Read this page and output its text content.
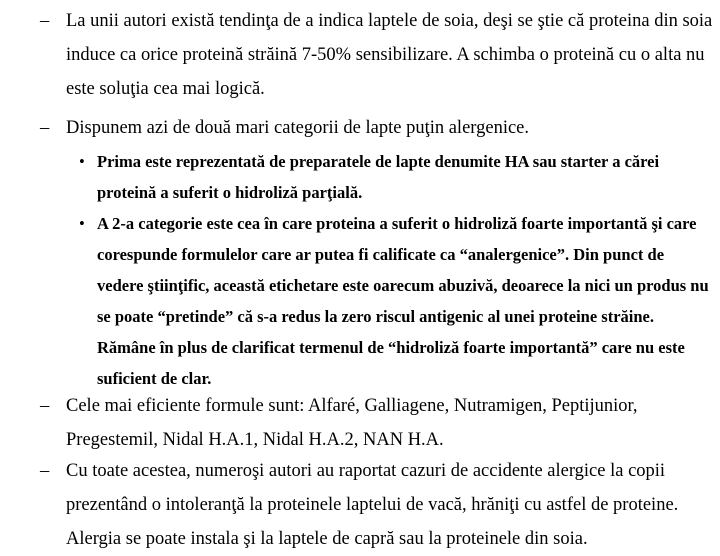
– La unii autori există tendinţa de a indica laptele de soia, deşi se ştie că proteina din soia induce ca orice proteină străină 7-50% sensibilizare. A schimba o proteină cu o alta nu este soluţia cea mai logică.
– Dispunem azi de două mari categorii de lapte puţin alergenice.
• Prima este reprezentată de preparatele de lapte denumite HA sau starter a cărei proteină a suferit o hidroliză parţială.
• A 2-a categorie este cea în care proteina a suferit o hidroliză foarte importantă şi care corespunde formulelor care ar putea fi calificate ca “analergenice”. Din punct de vedere ştiinţific, această etichetare este oarecum abuzivă, deoarece la nici un produs nu se poate “pretinde” că s-a redus la zero riscul antigenic al unei proteine străine. Rămâne în plus de clarificat termenul de “hidroliză foarte importantă” care nu este suficient de clar.
– Cele mai eficiente formule sunt: Alfaré, Galliagene, Nutramigen, Peptijunior, Pregestemil, Nidal H.A.1, Nidal H.A.2, NAN H.A.
– Cu toate acestea, numeroşi autori au raportat cazuri de accidente alergice la copii prezentând o intoleranţă la proteinele laptelui de vacă, hrăniţi cu astfel de proteine. Alergia se poate instala şi la laptele de capră sau la proteinele din soia.
